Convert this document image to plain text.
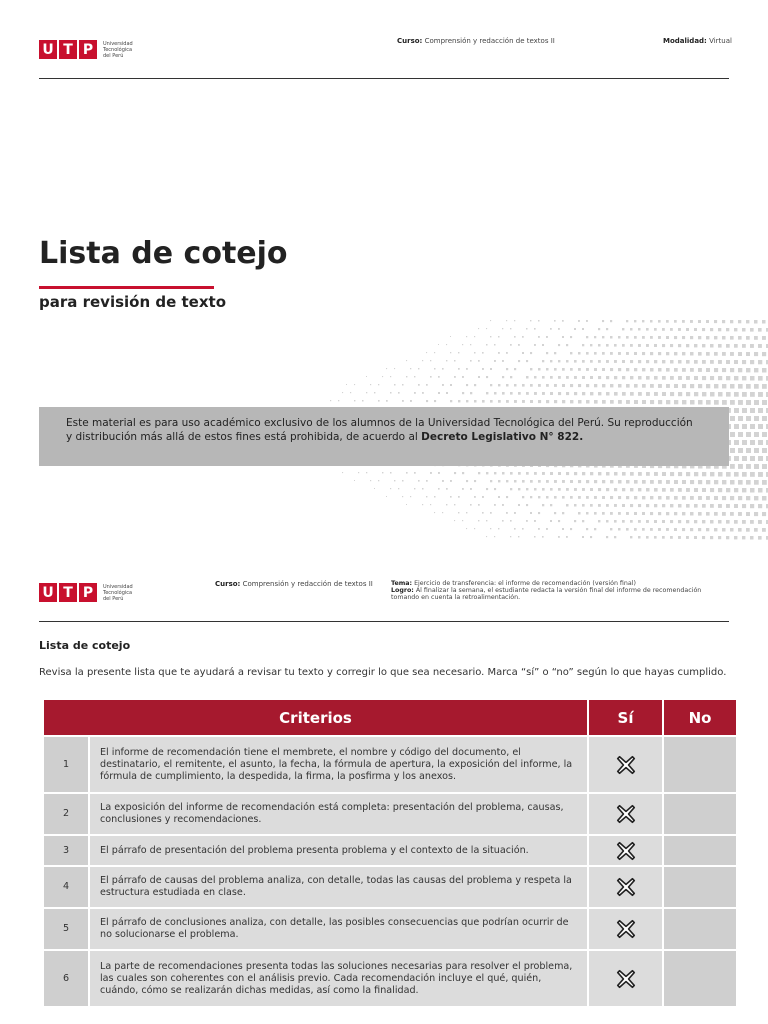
U T P	Universidad
Tecnológica
del Perú
Curso: Comprensión y redacción de textos II	Modalidad: Virtual
Lista de cotejo
para revisión de texto
Este material es para uso académico exclusivo de los alumnos de la Universidad Tecnológica del Perú. Su reproducción y distribución más allá de estos fines está prohibida, de acuerdo al Decreto Legislativo N° 822.
U T P	Universidad
Tecnológica
del Perú
Curso: Comprensión y redacción de textos II	Tema: Ejercicio de transferencia: el informe de recomendación (versión final)
Logro: Al finalizar la semana, el estudiante redacta la versión final del informe de recomendación tomando en cuenta la retroalimentación.
Lista de cotejo
Revisa la presente lista que te ayudará a revisar tu texto y corregir lo que sea necesario. Marca “sí” o “no” según lo que hayas cumplido.
Criterios		Sí	No
1	El informe de recomendación tiene el membrete, el nombre y código del documento, el destinatario, el remitente, el asunto, la fecha, la fórmula de apertura, la exposición del informe, la fórmula de cumplimiento, la despedida, la firma, la posfirma y los anexos.		
2	La exposición del informe de recomendación está completa: presentación del problema, causas, conclusiones y recomendaciones.		
3	El párrafo de presentación del problema presenta problema y el contexto de la situación.		
4	El párrafo de causas del problema analiza, con detalle, todas las causas del problema y respeta la estructura estudiada en clase.		
5	El párrafo de conclusiones analiza, con detalle, las posibles consecuencias que podrían ocurrir de no solucionarse el problema.		
6	La parte de recomendaciones presenta todas las soluciones necesarias para resolver el problema, las cuales son coherentes con el análisis previo. Cada recomendación incluye el qué, quién, cuándo, cómo se realizarán dichas medidas, así como la finalidad.		
